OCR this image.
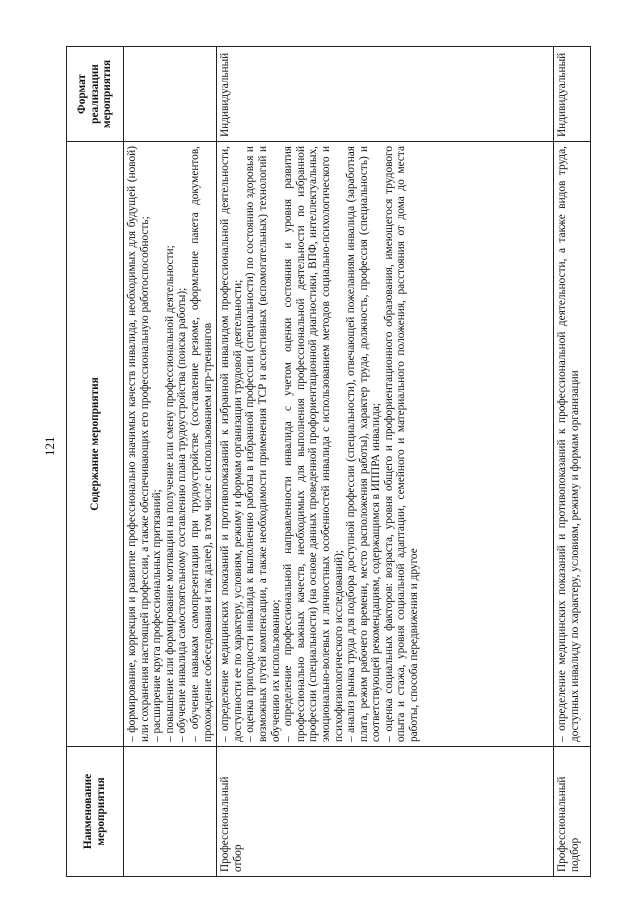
121
Наименование мероприятия	Содержание мероприятия	Формат реализации мероприятия

	– формирование, коррекция и развитие профессионально значимых качеств инвалида, необходимых для будущей (новой) или сохранения настоящей профессии, а также обеспечивающих его профессиональную работоспособность; – расширение круга профессиональных притязаний; – повышение или формирование мотивации на получение или смену профессиональной деятельности; – обучение инвалида самостоятельному составлению плана трудоустройства (поиска работы); – обучение навыкам самопрезентации при трудоустройстве (составление резюме, оформление пакета документов, прохождение собеседования и так далее), в том числе с использованием игр-тренингов

Профессиональный отбор	– определение медицинских показаний и противопоказаний к избранной инвалидом профессиональной деятельности, доступности ее по характеру, условиям, режиму и формам организации трудовой деятельности; – оценка пригодности инвалида к выполнению работы в избранной профессии (специальности) по состоянию здоровья и возможных путей компенсации, а также необходимости применения ТСР и ассистивных (вспомогательных) технологий и обучению их использованию; – определение профессиональной направленности инвалида с учетом оценки состояния и уровня развития профессионально важных качеств, необходимых для выполнения профессиональной деятельности по избранной профессии (специальности) (на основе данных проведенной профориентационной диагностики, ВПФ, интеллектуальных, эмоционально-волевых и личностных особенностей инвалида с использованием методов социально-психологического и психофизиологического исследований); – анализ рынка труда для подбора доступной профессии (специальности), отвечающей пожеланиям инвалида (заработная плата, режим рабочего времени, место расположения работы), характер труда, должность, профессия (специальность) и соответствующей рекомендациям, содержащимся в ИППРА инвалида; – оценка социальных факторов: возраста, уровня общего и профориентационного образования, имеющегося трудового опыта и стажа, уровня социальной адаптации, семейного и материального положения, расстояния от дома до места работы, способа передвижения и другое	Индивидуальный
Профессиональный подбор	– определение медицинских показаний и противопоказаний к профессиональной деятельности, а также видов труда, доступных инвалиду по характеру, условиям, режиму и формам организации	Индивидуальный
